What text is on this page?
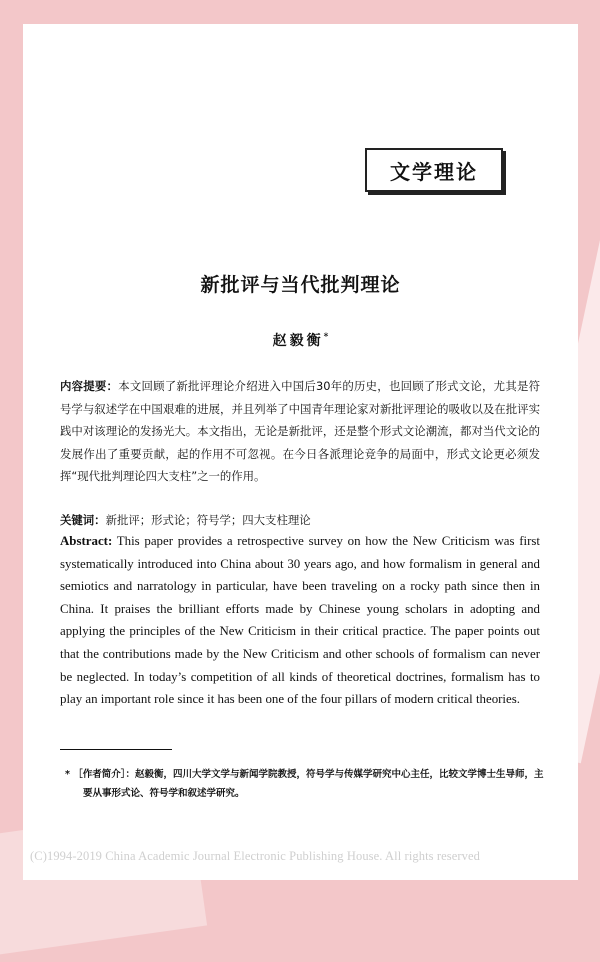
文学理论
新批评与当代批判理论
赵毅衡*
内容提要：本文回顾了新批评理论介绍进入中国后30年的历史，也回顾了形式文论，尤其是符号学与叙述学在中国艰难的进展，并且列举了中国青年理论家对新批评理论的吸收以及在批评实践中对该理论的发扬光大。本文指出，无论是新批评，还是整个形式文论潮流，都对当代文论的发展作出了重要贡献，起的作用不可忽视。在今日各派理论竞争的局面中，形式文论更必须发挥“现代批判理论四大支柱”之一的作用。
关键词：新批评；形式论；符号学；四大支柱理论
Abstract: This paper provides a retrospective survey on how the New Criticism was first systematically introduced into China about 30 years ago, and how formalism in general and semiotics and narratology in particular, have been traveling on a rocky path since then in China. It praises the brilliant efforts made by Chinese young scholars in adopting and applying the principles of the New Criticism in their critical practice. The paper points out that the contributions made by the New Criticism and other schools of formalism can never be neglected. In today’s competition of all kinds of theoretical doctrines, formalism has to play an important role since it has been one of the four pillars of modern critical theories.
* ［作者简介］：赵毅衡，四川大学文学与新闻学院教授，符号学与传媒学研究中心主任，比较文学博士生导师，主要从事形式论、符号学和叙述学研究。
(C)1994-2019 China Academic Journal Electronic Publishing House. All rights reserved
